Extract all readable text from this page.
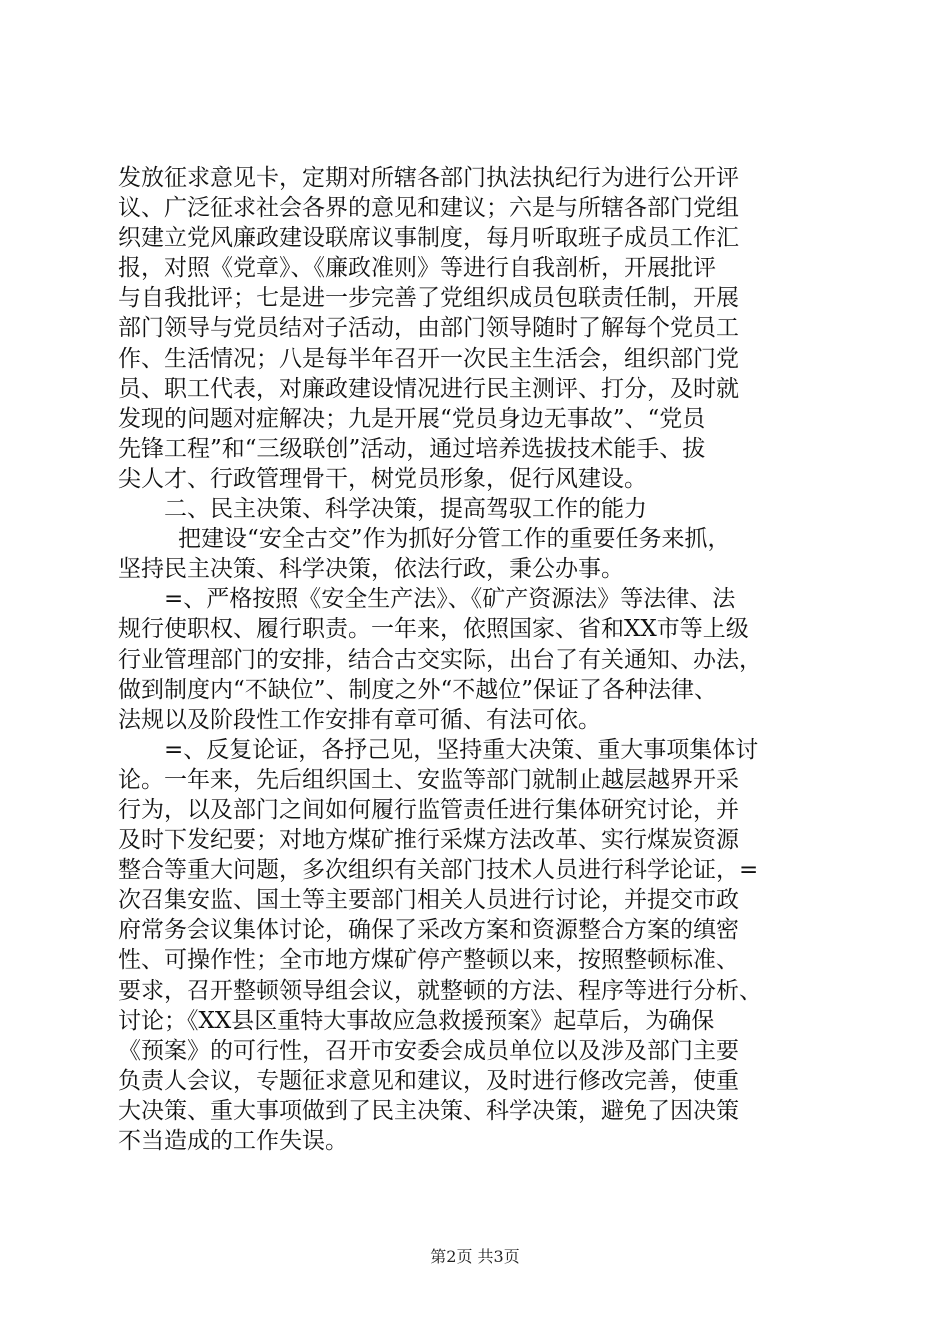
发放征求意见卡，定期对所辖各部门执法执纪行为进行公开评
议、广泛征求社会各界的意见和建议；六是与所辖各部门党组
织建立党风廉政建设联席议事制度，每月听取班子成员工作汇
报，对照《党章》、《廉政准则》等进行自我剖析，开展批评
与自我批评；七是进一步完善了党组织成员包联责任制，开展
部门领导与党员结对子活动，由部门领导随时了解每个党员工
作、生活情况；八是每半年召开一次民主生活会，组织部门党
员、职工代表，对廉政建设情况进行民主测评、打分，及时就
发现的问题对症解决；九是开展“党员身边无事故”、“党员
先锋工程”和“三级联创”活动，通过培养选拔技术能手、拔
尖人才、行政管理骨干，树党员形象，促行风建设。
二、民主决策、科学决策，提高驾驭工作的能力
把建设“安全古交”作为抓好分管工作的重要任务来抓，
坚持民主决策、科学决策，依法行政，秉公办事。
=、严格按照《安全生产法》、《矿产资源法》等法律、法
规行使职权、履行职责。一年来，依照国家、省和XX市等上级
行业管理部门的安排，结合古交实际，出台了有关通知、办法，
做到制度内“不缺位”、制度之外“不越位”保证了各种法律、
法规以及阶段性工作安排有章可循、有法可依。
=、反复论证，各抒己见，坚持重大决策、重大事项集体讨
论。一年来，先后组织国土、安监等部门就制止越层越界开采
行为，以及部门之间如何履行监管责任进行集体研究讨论，并
及时下发纪要；对地方煤矿推行采煤方法改革、实行煤炭资源
整合等重大问题，多次组织有关部门技术人员进行科学论证，=
次召集安监、国土等主要部门相关人员进行讨论，并提交市政
府常务会议集体讨论，确保了采改方案和资源整合方案的缜密
性、可操作性；全市地方煤矿停产整顿以来，按照整顿标准、
要求，召开整顿领导组会议，就整顿的方法、程序等进行分析、
讨论；《XX县区重特大事故应急救援预案》起草后，为确保
《预案》的可行性，召开市安委会成员单位以及涉及部门主要
负责人会议，专题征求意见和建议，及时进行修改完善，使重
大决策、重大事项做到了民主决策、科学决策，避免了因决策
不当造成的工作失误。
第2页 共3页
